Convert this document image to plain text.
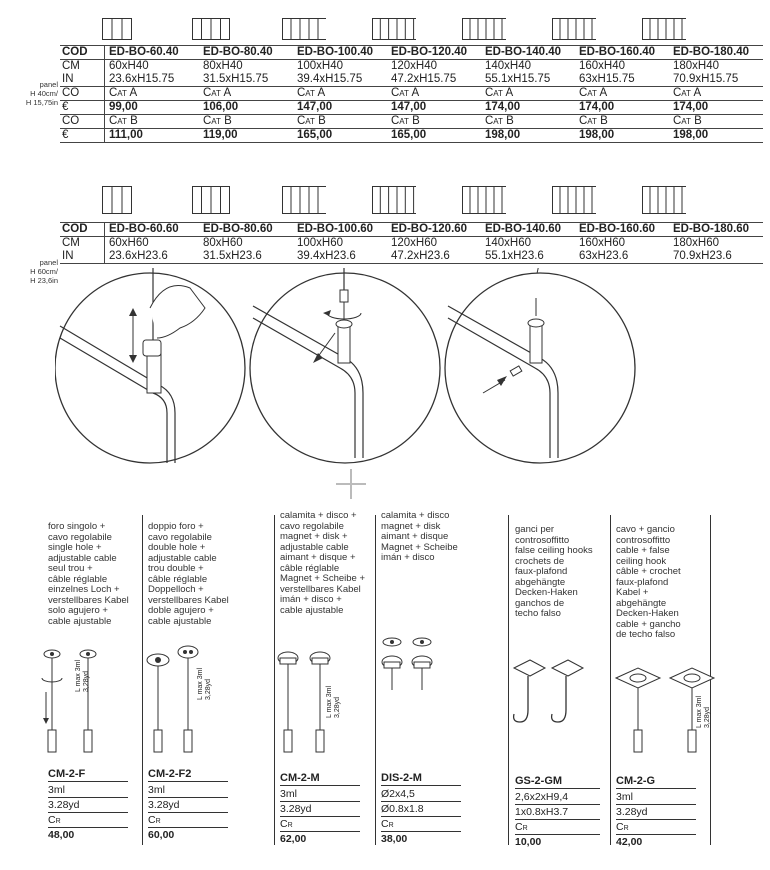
panel
H 40cm/
H 15,75in
COD	ED-BO-60.40	ED-BO-80.40	ED-BO-100.40	ED-BO-120.40	ED-BO-140.40	ED-BO-160.40	ED-BO-180.40
CM	60xH40	80xH40	100xH40	120xH40	140xH40	160xH40	180xH40
IN	23.6xH15.75	31.5xH15.75	39.4xH15.75	47.2xH15.75	55.1xH15.75	63xH15.75	70.9xH15.75
CO	Cat A	Cat A	Cat A	Cat A	Cat A	Cat A	Cat A
€	99,00	106,00	147,00	147,00	174,00	174,00	174,00
CO	Cat B	Cat B	Cat B	Cat B	Cat B	Cat B	Cat B
€	111,00	119,00	165,00	165,00	198,00	198,00	198,00
panel
H 60cm/
H 23,6in
COD	ED-BO-60.60	ED-BO-80.60	ED-BO-100.60	ED-BO-120.60	ED-BO-140.60	ED-BO-160.60	ED-BO-180.60
CM	60xH60	80xH60	100xH60	120xH60	140xH60	160xH60	180xH60
IN	23.6xH23.6	31.5xH23.6	39.4xH23.6	47.2xH23.6	55.1xH23.6	63xH23.6	70.9xH23.6
foro singolo +
cavo regolabile
single hole +
adjustable cable
seul trou +
câble réglable
einzelnes Loch +
verstellbares Kabel
solo agujero +
cable ajustable
doppio foro +
cavo regolabile
double hole +
adjustable cable
trou double +
câble réglable
Doppelloch +
verstellbares Kabel
doble agujero +
cable ajustable
calamita + disco +
cavo regolabile
magnet + disk +
adjustable cable
aimant + disque +
câble réglable
Magnet + Scheibe +
verstellbares Kabel
imán + disco +
cable ajustable
calamita + disco
magnet + disk
aimant + disque
Magnet + Scheibe
imán + disco
ganci per
controsoffitto
false ceiling hooks
crochets de
faux-plafond
abgehängte
Decken-Haken
ganchos de
techo falso
cavo + gancio
controsoffitto
cable + false
ceiling hook
câble + crochet
faux-plafond
Kabel +
abgehängte
Decken-Haken
cable + gancho
de techo falso
L max 3ml
3,28yd
L max 3ml
3,28yd
L max 3ml
3,28yd
L max 3ml
3,28yd
CM-2-F
3ml
3.28yd
Cr
48,00
CM-2-F2
3ml
3.28yd
Cr
60,00
CM-2-M
3ml
3.28yd
Cr
62,00
DIS-2-M
Ø2x4,5
Ø0.8x1.8
Cr
38,00
GS-2-GM
2,6x2xH9,4
1x0.8xH3.7
Cr
10,00
CM-2-G
3ml
3.28yd
Cr
42,00
